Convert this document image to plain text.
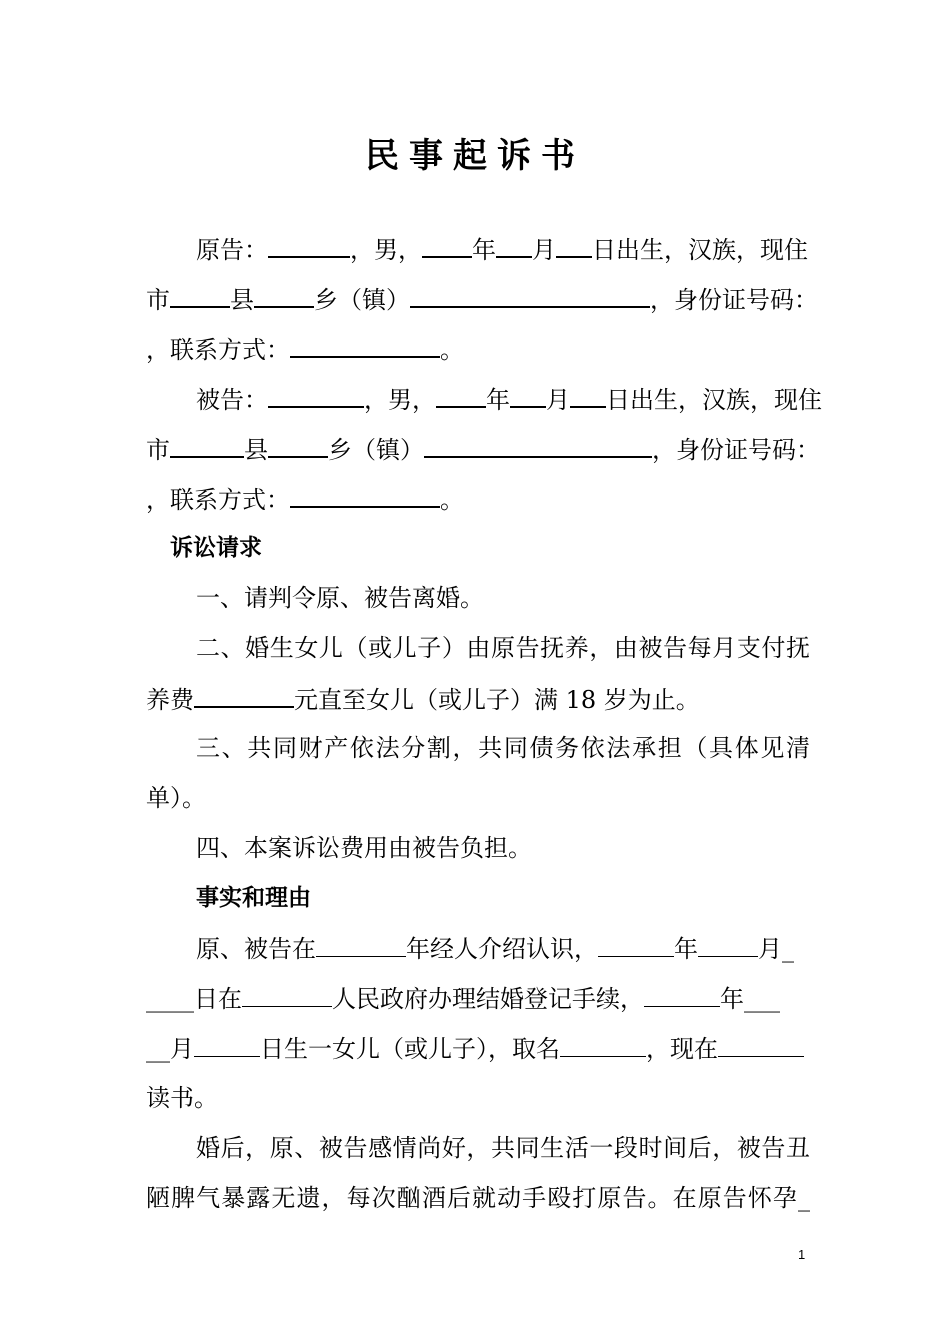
民事起诉书
原告：	，男， 年 月 日出生，汉族，现住
市	县	乡（镇）	，身份证号码：
，联系方式：	。
被告：	，男， 年 月 日出生，汉族，现住
市	县	乡（镇）	，身份证号码：
，联系方式：	。
诉讼请求
一、请判令原、被告离婚。
二、婚生女儿（或儿子）由原告抚养，由被告每月支付抚
养费	元直至女儿（或儿子）满 18 岁为止。
三、共同财产依法分割，共同债务依法承担（具体见清
单）。
四、本案诉讼费用由被告负担。
事实和理由
原、被告在	年经人介绍认识，	年	月_
____日在	人民政府办理结婚登记手续，	年___
__月	日生一女儿（或儿子），取名	，现在
读书。
婚后，原、被告感情尚好，共同生活一段时间后，被告丑
陋脾气暴露无遗，每次酗酒后就动手殴打原告。在原告怀孕_
1
